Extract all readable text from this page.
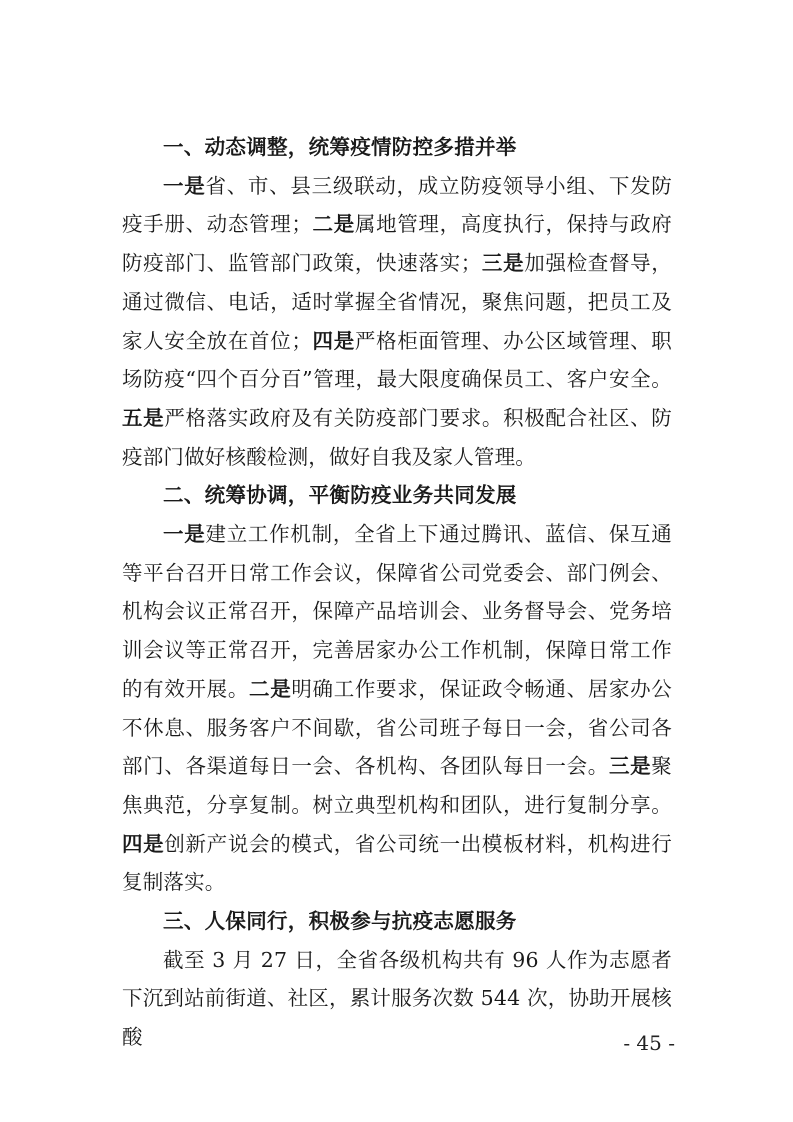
一、动态调整，统筹疫情防控多措并举
一是省、市、县三级联动，成立防疫领导小组、下发防疫手册、动态管理；二是属地管理，高度执行，保持与政府防疫部门、监管部门政策，快速落实；三是加强检查督导，通过微信、电话，适时掌握全省情况，聚焦问题，把员工及家人安全放在首位；四是严格柜面管理、办公区域管理、职场防疫“四个百分百”管理，最大限度确保员工、客户安全。五是严格落实政府及有关防疫部门要求。积极配合社区、防疫部门做好核酸检测，做好自我及家人管理。
二、统筹协调，平衡防疫业务共同发展
一是建立工作机制，全省上下通过腾讯、蓝信、保互通等平台召开日常工作会议，保障省公司党委会、部门例会、机构会议正常召开，保障产品培训会、业务督导会、党务培训会议等正常召开，完善居家办公工作机制，保障日常工作的有效开展。二是明确工作要求，保证政令畅通、居家办公不休息、服务客户不间歇，省公司班子每日一会，省公司各部门、各渠道每日一会、各机构、各团队每日一会。三是聚焦典范，分享复制。树立典型机构和团队，进行复制分享。四是创新产说会的模式，省公司统一出模板材料，机构进行复制落实。
三、人保同行，积极参与抗疫志愿服务
截至 3 月 27 日，全省各级机构共有 96 人作为志愿者下沉到站前街道、社区，累计服务次数 544 次，协助开展核酸	- 45 -
